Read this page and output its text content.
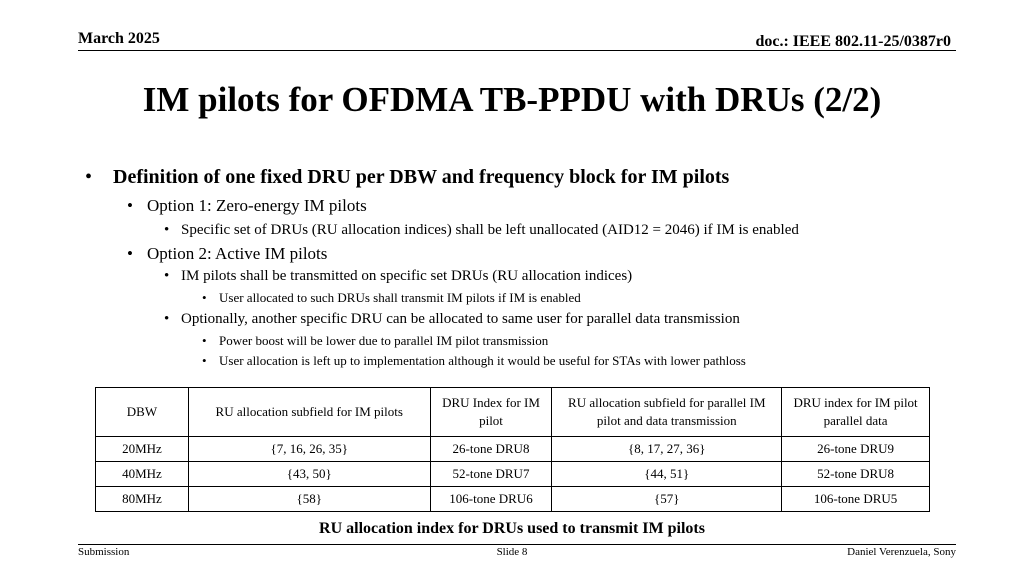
March 2025	doc.: IEEE 802.11-25/0387r0
IM pilots for OFDMA TB-PPDU with DRUs (2/2)
• Definition of one fixed DRU per DBW and frequency block for IM pilots
• Option 1: Zero-energy IM pilots
• Specific set of DRUs (RU allocation indices) shall be left unallocated (AID12 = 2046) if IM is enabled
• Option 2: Active IM pilots
• IM pilots shall be transmitted on specific set DRUs (RU allocation indices)
• User allocated to such DRUs shall transmit IM pilots if IM is enabled
• Optionally, another specific DRU can be allocated to same user for parallel data transmission
• Power boost will be lower due to parallel IM pilot transmission
• User allocation is left up to implementation although it would be useful for STAs with lower pathloss
DBW	RU allocation subfield for IM pilots	DRU Index for IM pilot	RU allocation subfield for parallel IM pilot and data transmission	DRU index for IM pilot parallel data
20MHz	{7, 16, 26, 35}	26-tone DRU8	{8, 17, 27, 36}	26-tone DRU9
40MHz	{43, 50}	52-tone DRU7	{44, 51}	52-tone DRU8
80MHz	{58}	106-tone DRU6	{57}	106-tone DRU5
RU allocation index for DRUs used to transmit IM pilots
Submission	Slide 8	Daniel Verenzuela, Sony
